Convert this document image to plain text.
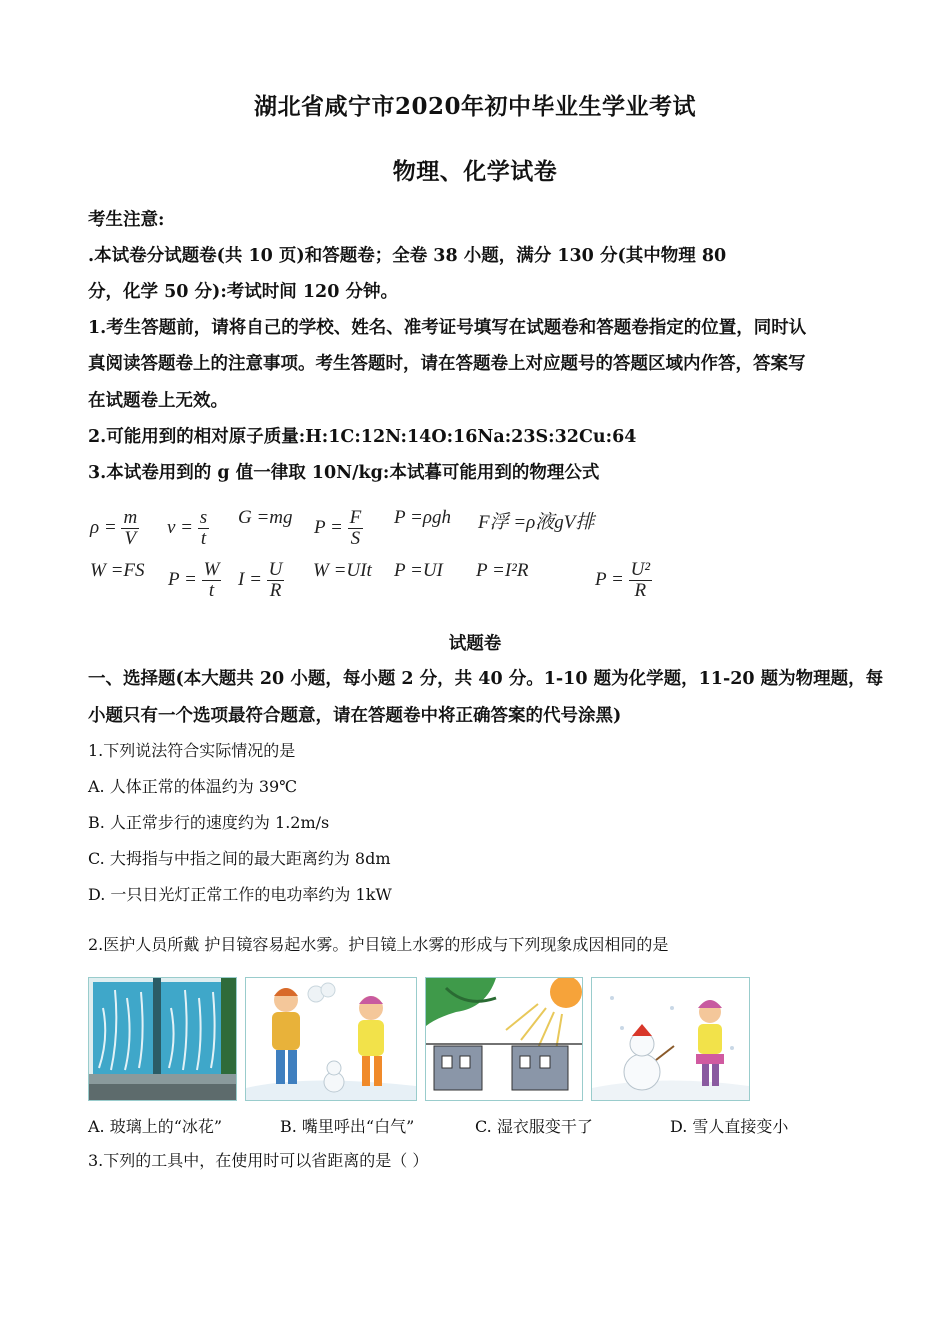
湖北省咸宁市2020年初中毕业生学业考试
物理、化学试卷
考生注意:
.本试卷分试题卷(共 10 页)和答题卷；全卷 38 小题，满分 130 分(其中物理 80
分，化学 50 分):考试时间 120 分钟。
1.考生答题前，请将自己的学校、姓名、准考证号填写在试题卷和答题卷指定的位置，同时认
真阅读答题卷上的注意事项。考生答题时，请在答题卷上对应题号的答题区域内作答，答案写
在试题卷上无效。
2.可能用到的相对原子质量:H:1C:12N:14O:16Na:23S:32Cu:64
3.本试卷用到的 g 值一律取 10N/kg:本试暮可能用到的物理公式
$\rho = \frac{m}{V}$ $v = \frac{s}{t}$ G =mg $P = \frac{F}{S}$ P =ρgh F浮 =ρ液gV排
W =FS $P = \frac{W}{t}$ $I = \frac{U}{R}$ W =UIt P =UI P =I²R	$P = \frac{\text{U²}}{R}$
试题卷
一、选择题(本大题共 20 小题，每小题 2 分，共 40 分。1-10 题为化学题，11-20 题为物理题，每
小题只有一个选项最符合题意，请在答题卷中将正确答案的代号涂黑)
1.下列说法符合实际情况的是
A. 人体正常的体温约为 39℃
B. 人正常步行的速度约为 1.2m/s
C. 大拇指与中指之间的最大距离约为 8dm
D. 一只日光灯正常工作的电功率约为 1kW
2.医护人员所戴 护目镜容易起水雾。护目镜上水雾的形成与下列现象成因相同的是
A. 玻璃上的“冰花”	B. 嘴里呼出“白气”	C. 湿衣服变干了	D. 雪人直接变小
3.下列的工具中，在使用时可以省距离的是（ ）
